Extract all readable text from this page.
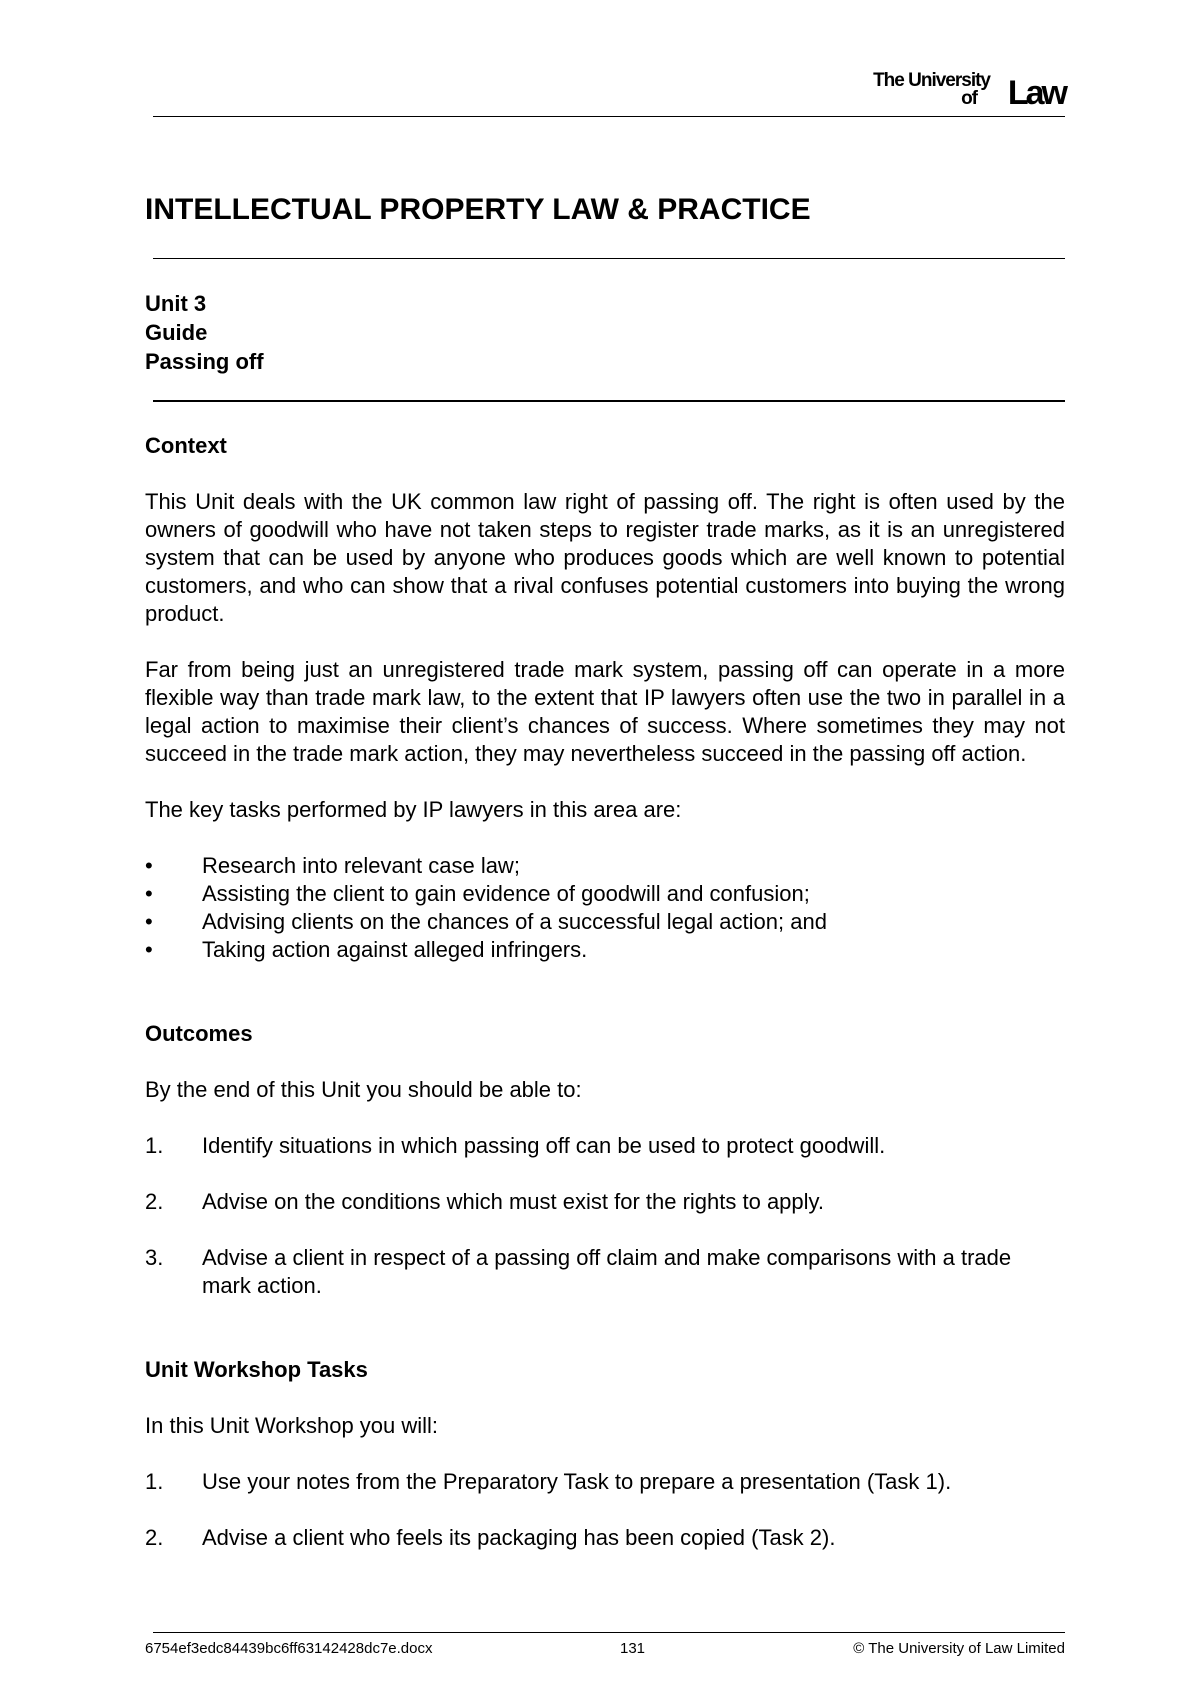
The University
of Law
INTELLECTUAL PROPERTY LAW & PRACTICE
Unit 3
Guide
Passing off
Context

This Unit deals with the UK common law right of passing off. The right is often used by the owners of goodwill who have not taken steps to register trade marks, as it is an unregistered system that can be used by anyone who produces goods which are well known to potential customers, and who can show that a rival confuses potential customers into buying the wrong product.

Far from being just an unregistered trade mark system, passing off can operate in a more flexible way than trade mark law, to the extent that IP lawyers often use the two in parallel in a legal action to maximise their client’s chances of success. Where sometimes they may not succeed in the trade mark action, they may nevertheless succeed in the passing off action.

The key tasks performed by IP lawyers in this area are:

• Research into relevant case law;
• Assisting the client to gain evidence of goodwill and confusion;
• Advising clients on the chances of a successful legal action; and
• Taking action against alleged infringers.
Outcomes

By the end of this Unit you should be able to:

1. Identify situations in which passing off can be used to protect goodwill.
2. Advise on the conditions which must exist for the rights to apply.
3. Advise a client in respect of a passing off claim and make comparisons with a trade mark action.
Unit Workshop Tasks

In this Unit Workshop you will:

1. Use your notes from the Preparatory Task to prepare a presentation (Task 1).
2. Advise a client who feels its packaging has been copied (Task 2).
6754ef3edc84439bc6ff63142428dc7e.docx	131	© The University of Law Limited
